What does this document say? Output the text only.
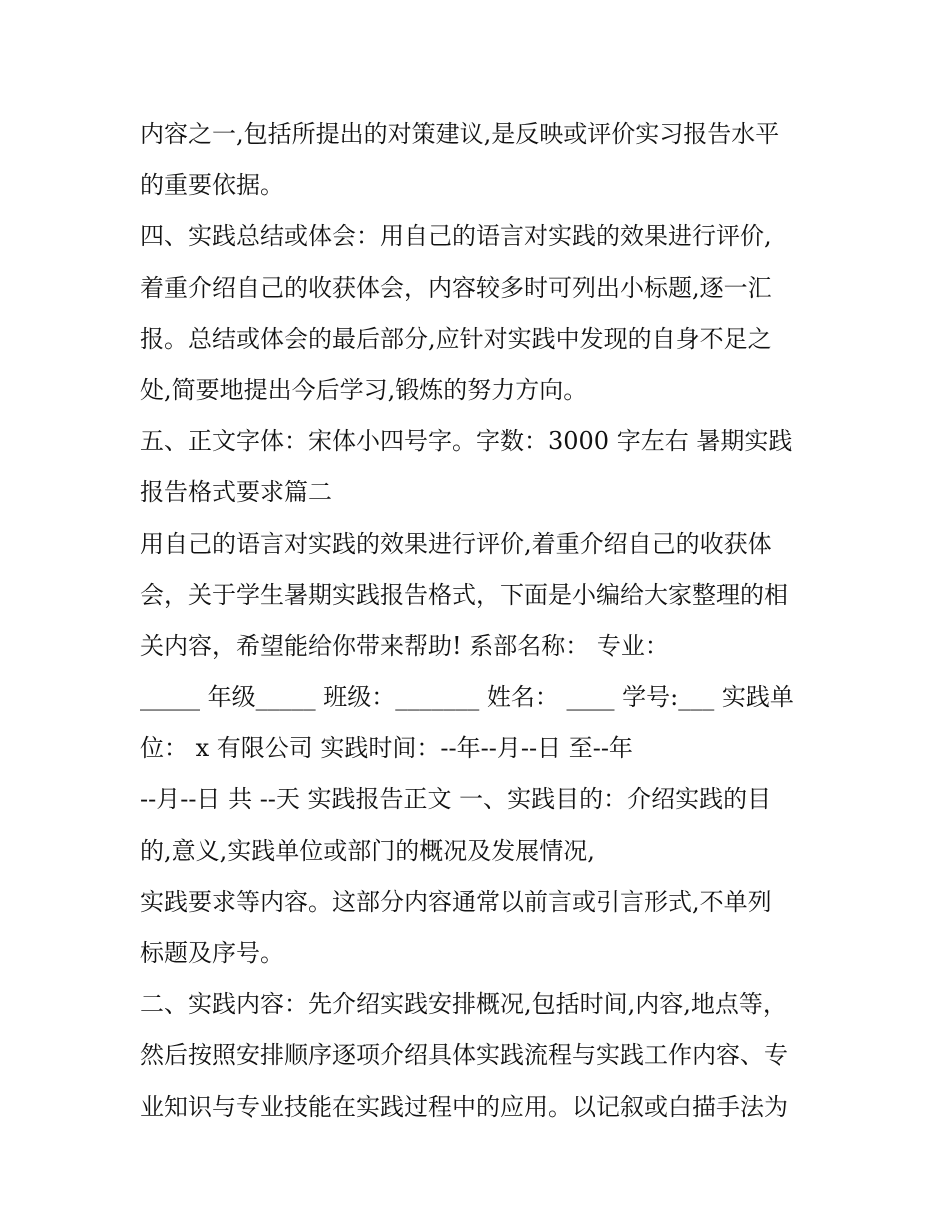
内容之一,包括所提出的对策建议,是反映或评价实习报告水平
的重要依据。
四、实践总结或体会：用自己的语言对实践的效果进行评价,
着重介绍自己的收获体会，内容较多时可列出小标题,逐一汇
报。总结或体会的最后部分,应针对实践中发现的自身不足之
处,简要地提出今后学习,锻炼的努力方向。
五、正文字体：宋体小四号字。字数：3000 字左右 暑期实践
报告格式要求篇二
用自己的语言对实践的效果进行评价,着重介绍自己的收获体
会，关于学生暑期实践报告格式，下面是小编给大家整理的相
关内容，希望能给你带来帮助! 系部名称： 专业：
_____ 年级_____ 班级：_______ 姓名： ____ 学号:___ 实践单
位： x 有限公司 实践时间：--年--月--日 至--年
--月--日 共 --天 实践报告正文 一、实践目的：介绍实践的目
的,意义,实践单位或部门的概况及发展情况,
实践要求等内容。这部分内容通常以前言或引言形式,不单列
标题及序号。
二、实践内容：先介绍实践安排概况,包括时间,内容,地点等，
然后按照安排顺序逐项介绍具体实践流程与实践工作内容、专
业知识与专业技能在实践过程中的应用。以记叙或白描手法为
